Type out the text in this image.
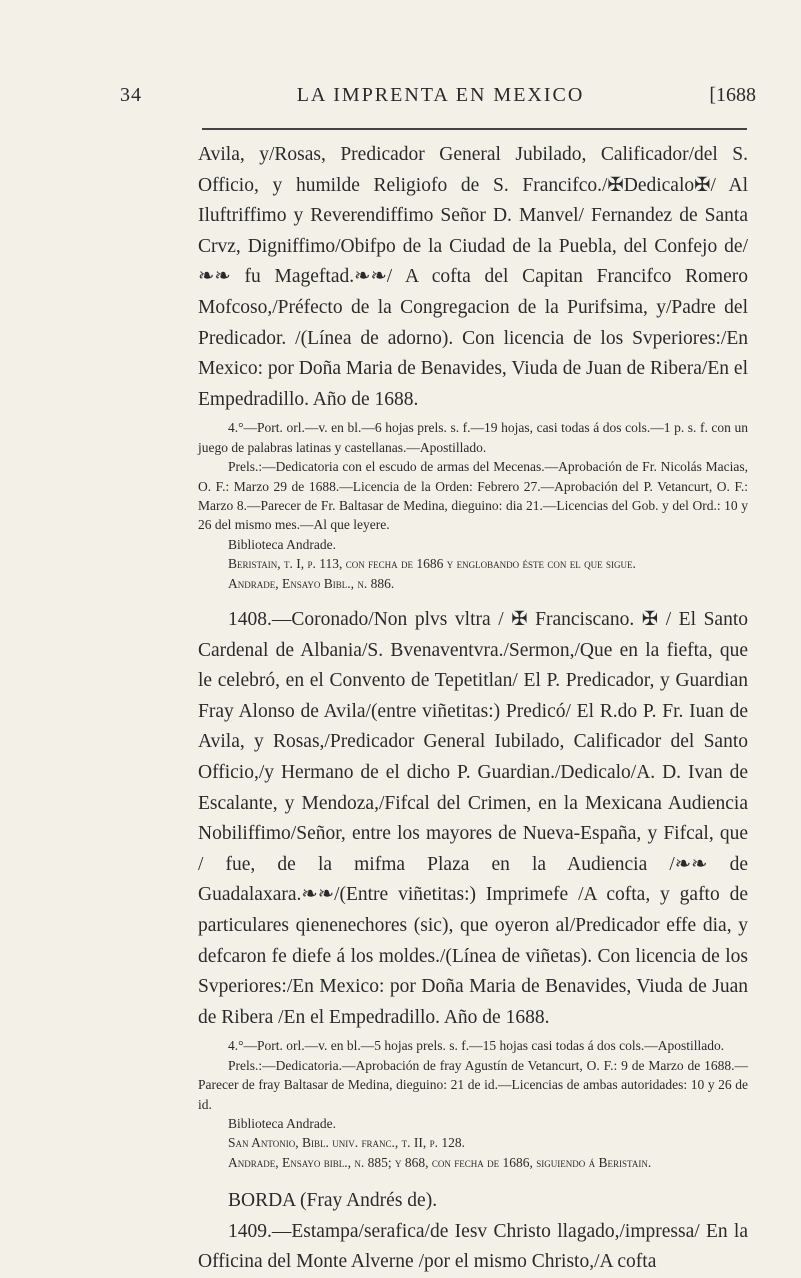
34	LA IMPRENTA EN MEXICO	[1688

Avila, y/Rosas, Predicador General Jubilado, Calificador/del S. Officio, y humilde Religiofo de S. Francifco./✠Dedicalo✠/ Al Iluftriffimo y Reverendiffimo Señor D. Manvel/ Fernandez de Santa Crvz, Digniffimo/Obifpo de la Ciudad de la Puebla, del Confejo de/❧❧ fu Mageftad.❧❧/ A cofta del Capitan Francifco Romero Mofcoso,/Préfecto de la Congregacion de la Purifsima, y/Padre del Predicador. /(Línea de adorno). Con licencia de los Svperiores:/En Mexico: por Doña Maria de Benavides, Viuda de Juan de Ribera/En el Empedradillo. Año de 1688.

4.°—Port. orl.—v. en bl.—6 hojas prels. s. f.—19 hojas, casi todas á dos cols.—1 p. s. f. con un juego de palabras latinas y castellanas.—Apostillado.

Prels.:—Dedicatoria con el escudo de armas del Mecenas.—Aprobación de Fr. Nicolás Macias, O. F.: Marzo 29 de 1688.—Licencia de la Orden: Febrero 27.—Aprobación del P. Vetancurt, O. F.: Marzo 8.—Parecer de Fr. Baltasar de Medina, dieguino: dia 21.—Licencias del Gob. y del Ord.: 10 y 26 del mismo mes.—Al que leyere.

Biblioteca Andrade.

Beristain, t. I, p. 113, con fecha de 1686 y englobando éste con el que sigue.

Andrade, Ensayo Bibl., n. 886.

1408.—Coronado/Non plvs vltra / ✠ Franciscano. ✠ / El Santo Cardenal de Albania/S. Bvenaventvra./Sermon,/Que en la fiefta, que le celebró, en el Convento de Tepetitlan/ El P. Predicador, y Guardian Fray Alonso de Avila/(entre viñetitas:) Predicó/ El R.do P. Fr. Iuan de Avila, y Rosas,/Predicador General Iubilado, Calificador del Santo Officio,/y Hermano de el dicho P. Guardian./Dedicalo/A. D. Ivan de Escalante, y Mendoza,/Fifcal del Crimen, en la Mexicana Audiencia Nobiliffimo/Señor, entre los mayores de Nueva-España, y Fifcal, que / fue, de la mifma Plaza en la Audiencia /❧❧ de Guadalaxara.❧❧/(Entre viñetitas:) Imprimefe /A cofta, y gafto de particulares qienenechores (sic), que oyeron al/Predicador effe dia, y defcaron fe diefe á los moldes./(Línea de viñetas). Con licencia de los Svperiores:/En Mexico: por Doña Maria de Benavides, Viuda de Juan de Ribera /En el Empedradillo. Año de 1688.

4.°—Port. orl.—v. en bl.—5 hojas prels. s. f.—15 hojas casi todas á dos cols.—Apostillado.

Prels.:—Dedicatoria.—Aprobación de fray Agustín de Vetancurt, O. F.: 9 de Marzo de 1688.—Parecer de fray Baltasar de Medina, dieguino: 21 de id.—Licencias de ambas autoridades: 10 y 26 de id.

Biblioteca Andrade.

San Antonio, Bibl. univ. franc., t. II, p. 128.

Andrade, Ensayo bibl., n. 885; y 868, con fecha de 1686, siguiendo á Beristain.

BORDA (Fray Andrés de).

1409.—Estampa/serafica/de Iesv Christo llagado,/impressa/ En la Officina del Monte Alverne /por el mismo Christo,/A cofta
